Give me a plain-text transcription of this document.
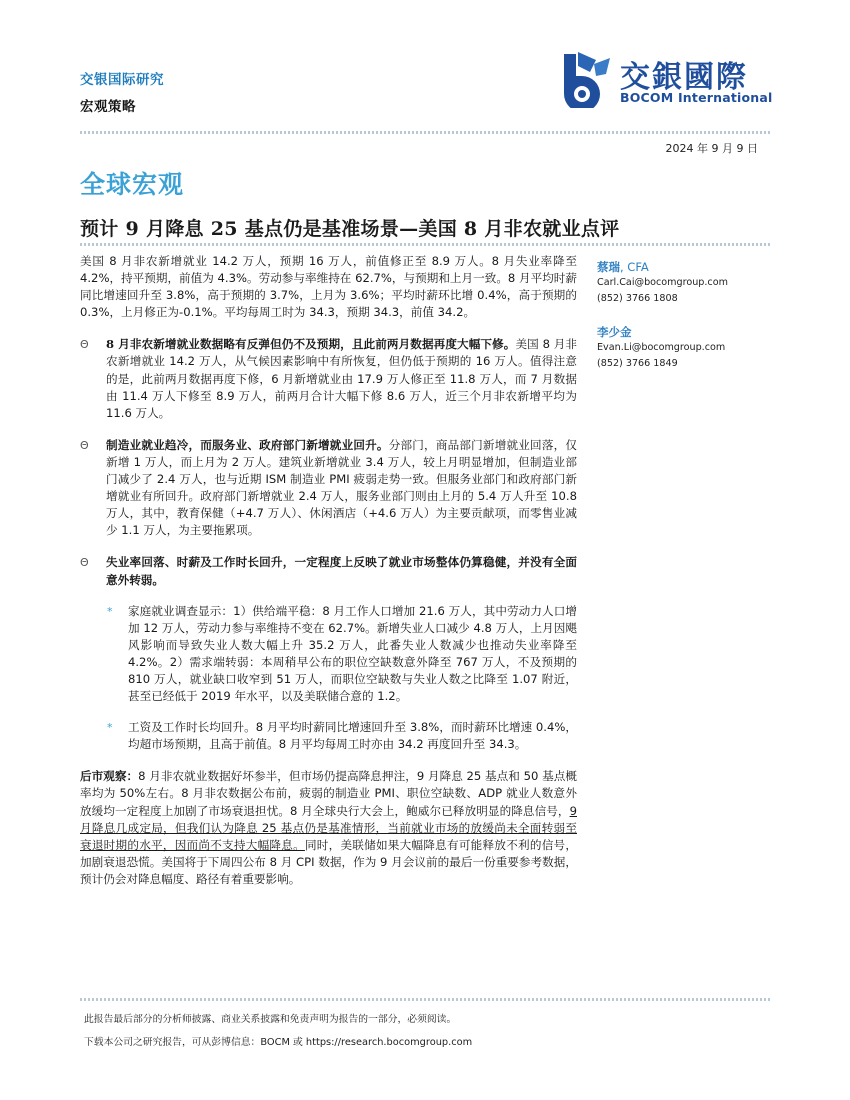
交银国际研究
宏观策略
交銀國際
BOCOM International
2024 年 9 月 9 日
全球宏观
预计 9 月降息 25 基点仍是基准场景—美国 8 月非农就业点评

美国 8 月非农新增就业 14.2 万人，预期 16 万人，前值修正至 8.9 万人。8 月失业率降至 4.2%，持平预期，前值为 4.3%。劳动参与率维持在 62.7%，与预期和上月一致。8 月平均时薪同比增速回升至 3.8%，高于预期的 3.7%，上月为 3.6%；平均时薪环比增 0.4%，高于预期的 0.3%，上月修正为-0.1%。平均每周工时为 34.3，预期 34.3，前值 34.2。

Θ 8 月非农新增就业数据略有反弹但仍不及预期，且此前两月数据再度大幅下修。美国 8 月非农新增就业 14.2 万人，从气候因素影响中有所恢复，但仍低于预期的 16 万人。值得注意的是，此前两月数据再度下修，6 月新增就业由 17.9 万人修正至 11.8 万人，而 7 月数据由 11.4 万人下修至 8.9 万人，前两月合计大幅下修 8.6 万人，近三个月非农新增平均为 11.6 万人。
Θ 制造业就业趋冷，而服务业、政府部门新增就业回升。分部门，商品部门新增就业回落，仅新增 1 万人，而上月为 2 万人。建筑业新增就业 3.4 万人，较上月明显增加，但制造业部门减少了 2.4 万人，也与近期 ISM 制造业 PMI 疲弱走势一致。但服务业部门和政府部门新增就业有所回升。政府部门新增就业 2.4 万人，服务业部门则由上月的 5.4 万人升至 10.8 万人，其中，教育保健（+4.7 万人）、休闲酒店（+4.6 万人）为主要贡献项，而零售业减少 1.1 万人，为主要拖累项。
Θ 失业率回落、时薪及工作时长回升，一定程度上反映了就业市场整体仍算稳健，并没有全面意外转弱。
* 家庭就业调查显示：1）供给端平稳：8 月工作人口增加 21.6 万人，其中劳动力人口增加 12 万人，劳动力参与率维持不变在 62.7%。新增失业人口减少 4.8 万人，上月因飓风影响而导致失业人数大幅上升 35.2 万人，此番失业人数减少也推动失业率降至 4.2%。2）需求端转弱：本周稍早公布的职位空缺数意外降至 767 万人，不及预期的 810 万人，就业缺口收窄到 51 万人，而职位空缺数与失业人数之比降至 1.07 附近，甚至已经低于 2019 年水平，以及美联储合意的 1.2。
* 工资及工作时长均回升。8 月平均时薪同比增速回升至 3.8%，而时薪环比增速 0.4%，均超市场预期，且高于前值。8 月平均每周工时亦由 34.2 再度回升至 34.3。

后市观察：8 月非农就业数据好坏参半，但市场仍提高降息押注，9 月降息 25 基点和 50 基点概率均为 50%左右。8 月非农数据公布前，疲弱的制造业 PMI、职位空缺数、ADP 就业人数意外放缓均一定程度上加剧了市场衰退担忧。8 月全球央行大会上，鲍威尔已释放明显的降息信号，9 月降息几成定局，但我们认为降息 25 基点仍是基准情形，当前就业市场的放缓尚未全面转弱至衰退时期的水平，因而尚不支持大幅降息。同时，美联储如果大幅降息有可能释放不利的信号，加剧衰退恐慌。美国将于下周四公布 8 月 CPI 数据，作为 9 月会议前的最后一份重要参考数据，预计仍会对降息幅度、路径有着重要影响。

蔡瑞, CFA
Carl.Cai@bocomgroup.com
(852) 3766 1808
李少金
Evan.Li@bocomgroup.com
(852) 3766 1849
此报告最后部分的分析师披露、商业关系披露和免责声明为报告的一部分，必须阅读。
下载本公司之研究报告，可从彭博信息：BOCM 或 https://research.bocomgroup.com
